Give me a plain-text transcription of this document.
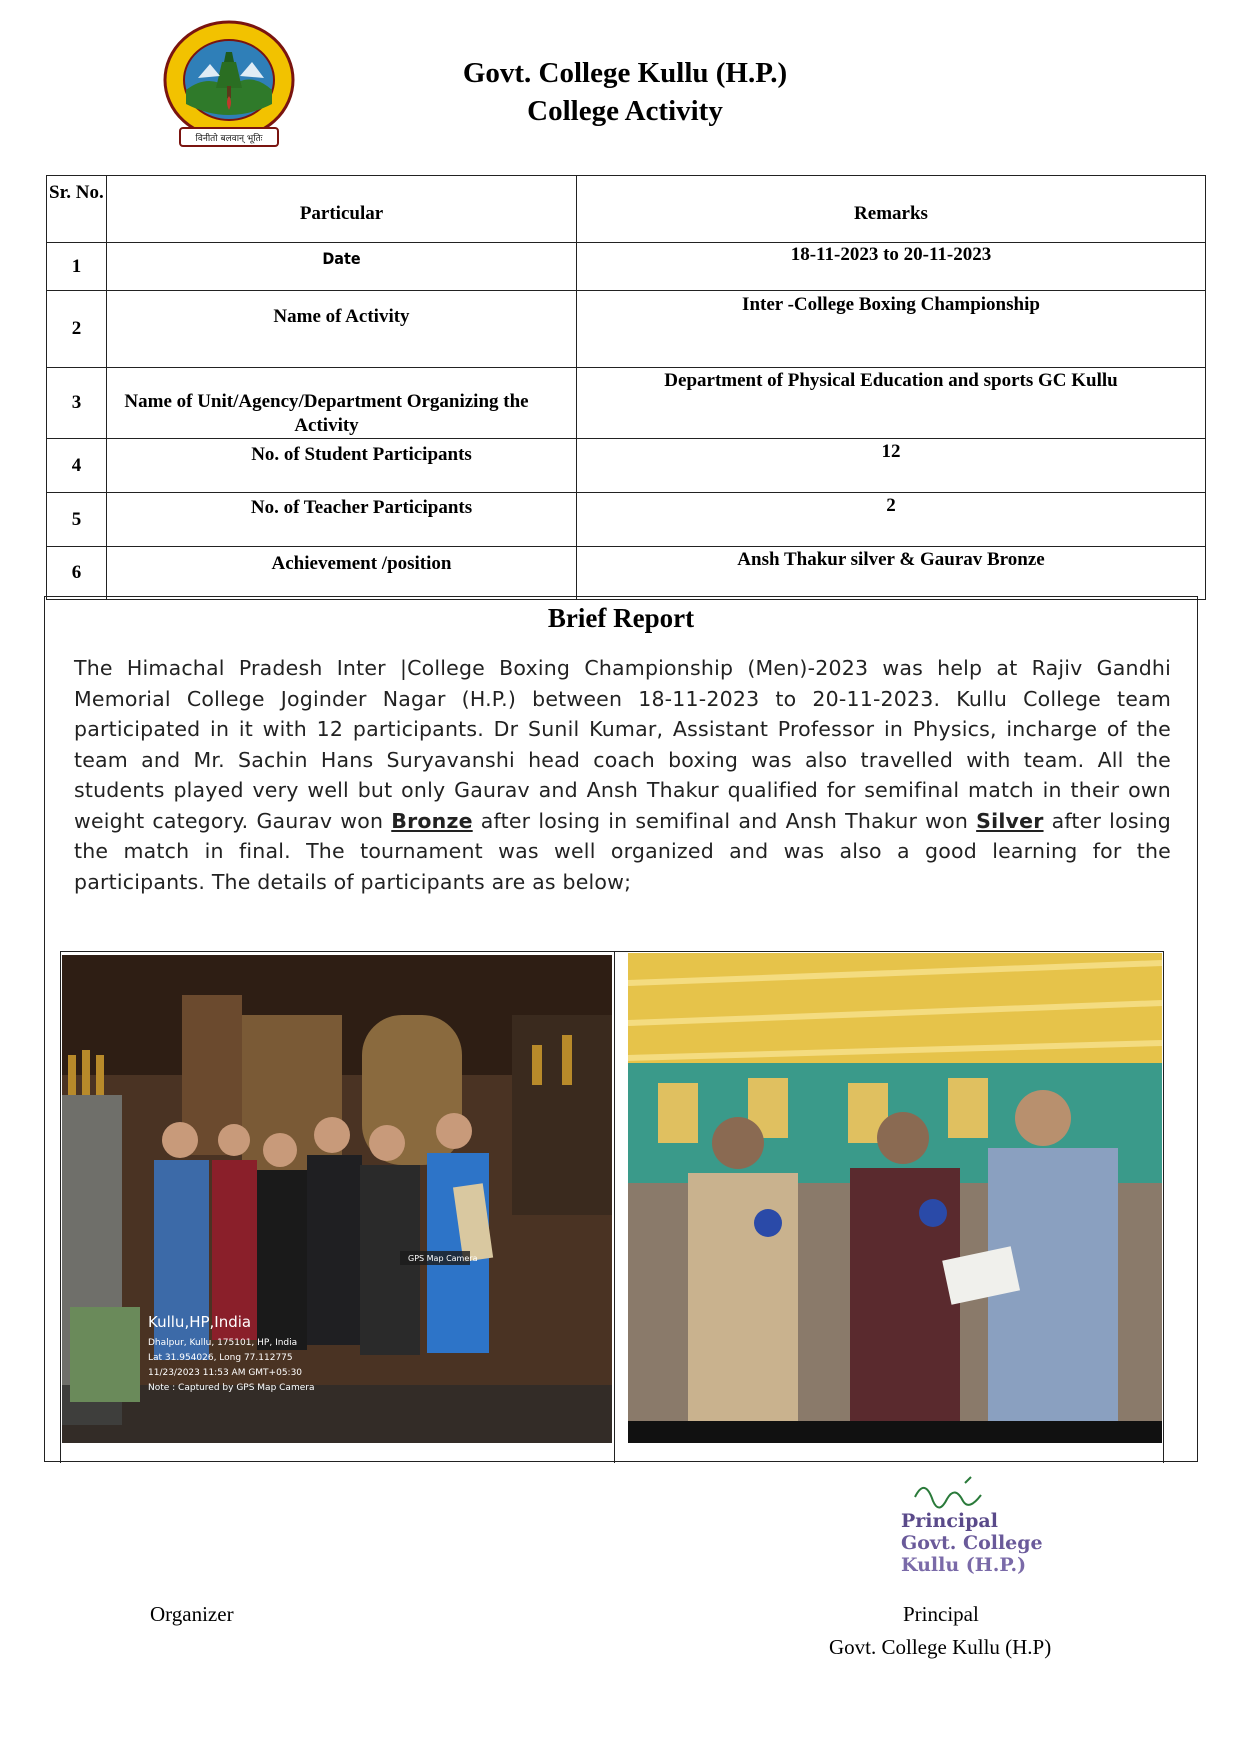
विनीतो बलवान् भूतिः
Govt. College Kullu (H.P.)
College Activity
Sr. No.	Particular	Remarks
1	Date	18-11-2023 to 20-11-2023

2	Name of Activity	Inter -College Boxing Championship

3	Name of Unit/Agency/Department Organizing the Activity	Department of Physical Education and sports GC Kullu

4	No. of Student Participants	12

5	No. of Teacher Participants	2

6	Achievement /position	Ansh Thakur silver & Gaurav Bronze
Brief Report
The Himachal Pradesh Inter |College Boxing Championship (Men)-2023 was help at Rajiv Gandhi Memorial College Joginder Nagar (H.P.) between 18-11-2023 to 20-11-2023. Kullu College team participated in it with 12 participants. Dr Sunil Kumar, Assistant Professor in Physics, incharge of the team and Mr. Sachin Hans Suryavanshi head coach boxing was also travelled with team. All the students played very well but only Gaurav and Ansh Thakur qualified for semifinal match in their own weight category. Gaurav won Bronze after losing in semifinal and Ansh Thakur won Silver after losing the match in final. The tournament was well organized and was also a good learning for the participants. The details of participants are as below;
GPS Map Camera
Kullu,HP,India
Dhalpur, Kullu, 175101, HP, India
Lat 31.954026, Long 77.112775
11/23/2023 11:53 AM GMT+05:30
Note : Captured by GPS Map Camera
Principal
Govt. College
Kullu (H.P.)
Organizer	Principal
Govt. College Kullu (H.P)
